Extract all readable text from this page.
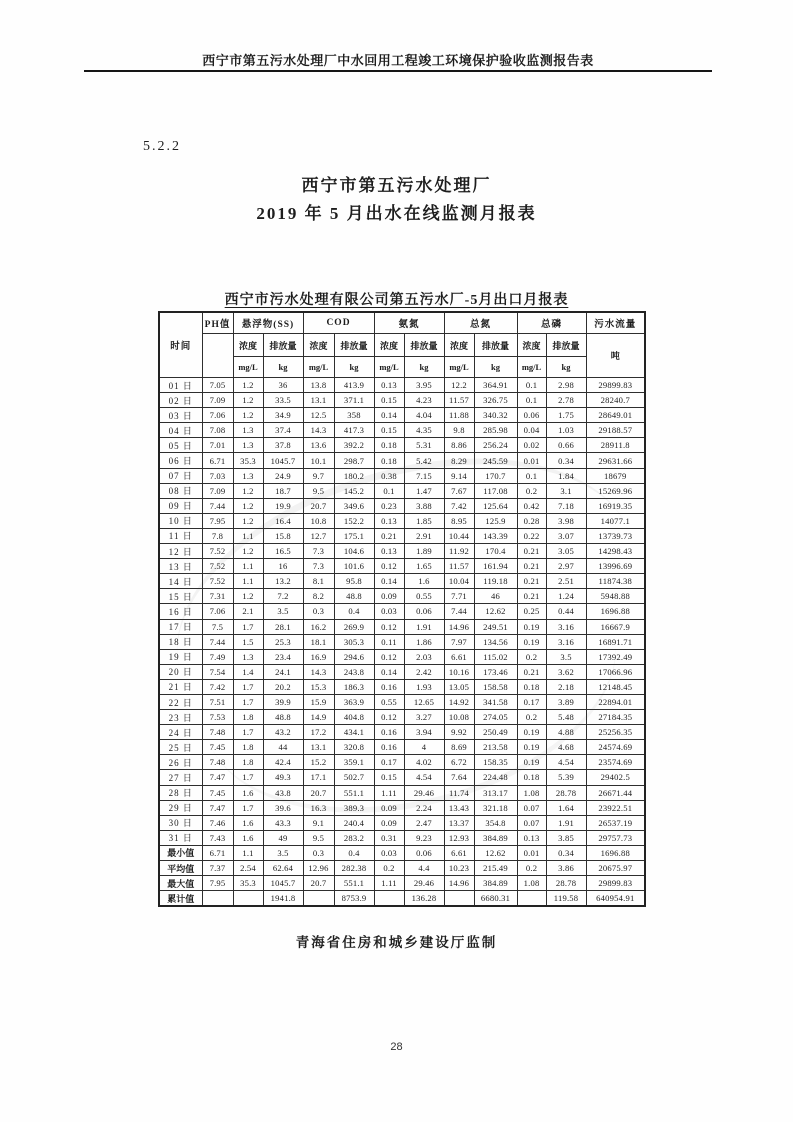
西宁市第五污水处理厂中水回用工程竣工环境保护验收监测报告表
5.2.2
西宁市第五污水处理厂
2019 年 5 月出水在线监测月报表
西宁市污水处理有限公司第五污水厂-5月出口月报表
时间	PH值	悬浮物(SS)		COD		氨氮		总氮		总磷		污水流量
		浓度	排放量	浓度	排放量	浓度	排放量	浓度	排放量	浓度	排放量	吨
		mg/L	kg	mg/L	kg	mg/L	kg	mg/L	kg	mg/L	kg	
01 日	7.05	1.2	36	13.8	413.9	0.13	3.95	12.2	364.91	0.1	2.98	29899.83
02 日	7.09	1.2	33.5	13.1	371.1	0.15	4.23	11.57	326.75	0.1	2.78	28240.7
03 日	7.06	1.2	34.9	12.5	358	0.14	4.04	11.88	340.32	0.06	1.75	28649.01
04 日	7.08	1.3	37.4	14.3	417.3	0.15	4.35	9.8	285.98	0.04	1.03	29188.57
05 日	7.01	1.3	37.8	13.6	392.2	0.18	5.31	8.86	256.24	0.02	0.66	28911.8
06 日	6.71	35.3	1045.7	10.1	298.7	0.18	5.42	8.29	245.59	0.01	0.34	29631.66
07 日	7.03	1.3	24.9	9.7	180.2	0.38	7.15	9.14	170.7	0.1	1.84	18679
08 日	7.09	1.2	18.7	9.5	145.2	0.1	1.47	7.67	117.08	0.2	3.1	15269.96
09 日	7.44	1.2	19.9	20.7	349.6	0.23	3.88	7.42	125.64	0.42	7.18	16919.35
10 日	7.95	1.2	16.4	10.8	152.2	0.13	1.85	8.95	125.9	0.28	3.98	14077.1
11 日	7.8	1.1	15.8	12.7	175.1	0.21	2.91	10.44	143.39	0.22	3.07	13739.73
12 日	7.52	1.2	16.5	7.3	104.6	0.13	1.89	11.92	170.4	0.21	3.05	14298.43
13 日	7.52	1.1	16	7.3	101.6	0.12	1.65	11.57	161.94	0.21	2.97	13996.69
14 日	7.52	1.1	13.2	8.1	95.8	0.14	1.6	10.04	119.18	0.21	2.51	11874.38
15 日	7.31	1.2	7.2	8.2	48.8	0.09	0.55	7.71	46	0.21	1.24	5948.88
16 日	7.06	2.1	3.5	0.3	0.4	0.03	0.06	7.44	12.62	0.25	0.44	1696.88
17 日	7.5	1.7	28.1	16.2	269.9	0.12	1.91	14.96	249.51	0.19	3.16	16667.9
18 日	7.44	1.5	25.3	18.1	305.3	0.11	1.86	7.97	134.56	0.19	3.16	16891.71
19 日	7.49	1.3	23.4	16.9	294.6	0.12	2.03	6.61	115.02	0.2	3.5	17392.49
20 日	7.54	1.4	24.1	14.3	243.8	0.14	2.42	10.16	173.46	0.21	3.62	17066.96
21 日	7.42	1.7	20.2	15.3	186.3	0.16	1.93	13.05	158.58	0.18	2.18	12148.45
22 日	7.51	1.7	39.9	15.9	363.9	0.55	12.65	14.92	341.58	0.17	3.89	22894.01
23 日	7.53	1.8	48.8	14.9	404.8	0.12	3.27	10.08	274.05	0.2	5.48	27184.35
24 日	7.48	1.7	43.2	17.2	434.1	0.16	3.94	9.92	250.49	0.19	4.88	25256.35
25 日	7.45	1.8	44	13.1	320.8	0.16	4	8.69	213.58	0.19	4.68	24574.69
26 日	7.48	1.8	42.4	15.2	359.1	0.17	4.02	6.72	158.35	0.19	4.54	23574.69
27 日	7.47	1.7	49.3	17.1	502.7	0.15	4.54	7.64	224.48	0.18	5.39	29402.5
28 日	7.45	1.6	43.8	20.7	551.1	1.11	29.46	11.74	313.17	1.08	28.78	26671.44
29 日	7.47	1.7	39.6	16.3	389.3	0.09	2.24	13.43	321.18	0.07	1.64	23922.51
30 日	7.46	1.6	43.3	9.1	240.4	0.09	2.47	13.37	354.8	0.07	1.91	26537.19
31 日	7.43	1.6	49	9.5	283.2	0.31	9.23	12.93	384.89	0.13	3.85	29757.73
最小值	6.71	1.1	3.5	0.3	0.4	0.03	0.06	6.61	12.62	0.01	0.34	1696.88
平均值	7.37	2.54	62.64	12.96	282.38	0.2	4.4	10.23	215.49	0.2	3.86	20675.97
最大值	7.95	35.3	1045.7	20.7	551.1	1.11	29.46	14.96	384.89	1.08	28.78	29899.83
累计值			1941.8		8753.9		136.28		6680.31		119.58	640954.91
青海省住房和城乡建设厅监制
28
